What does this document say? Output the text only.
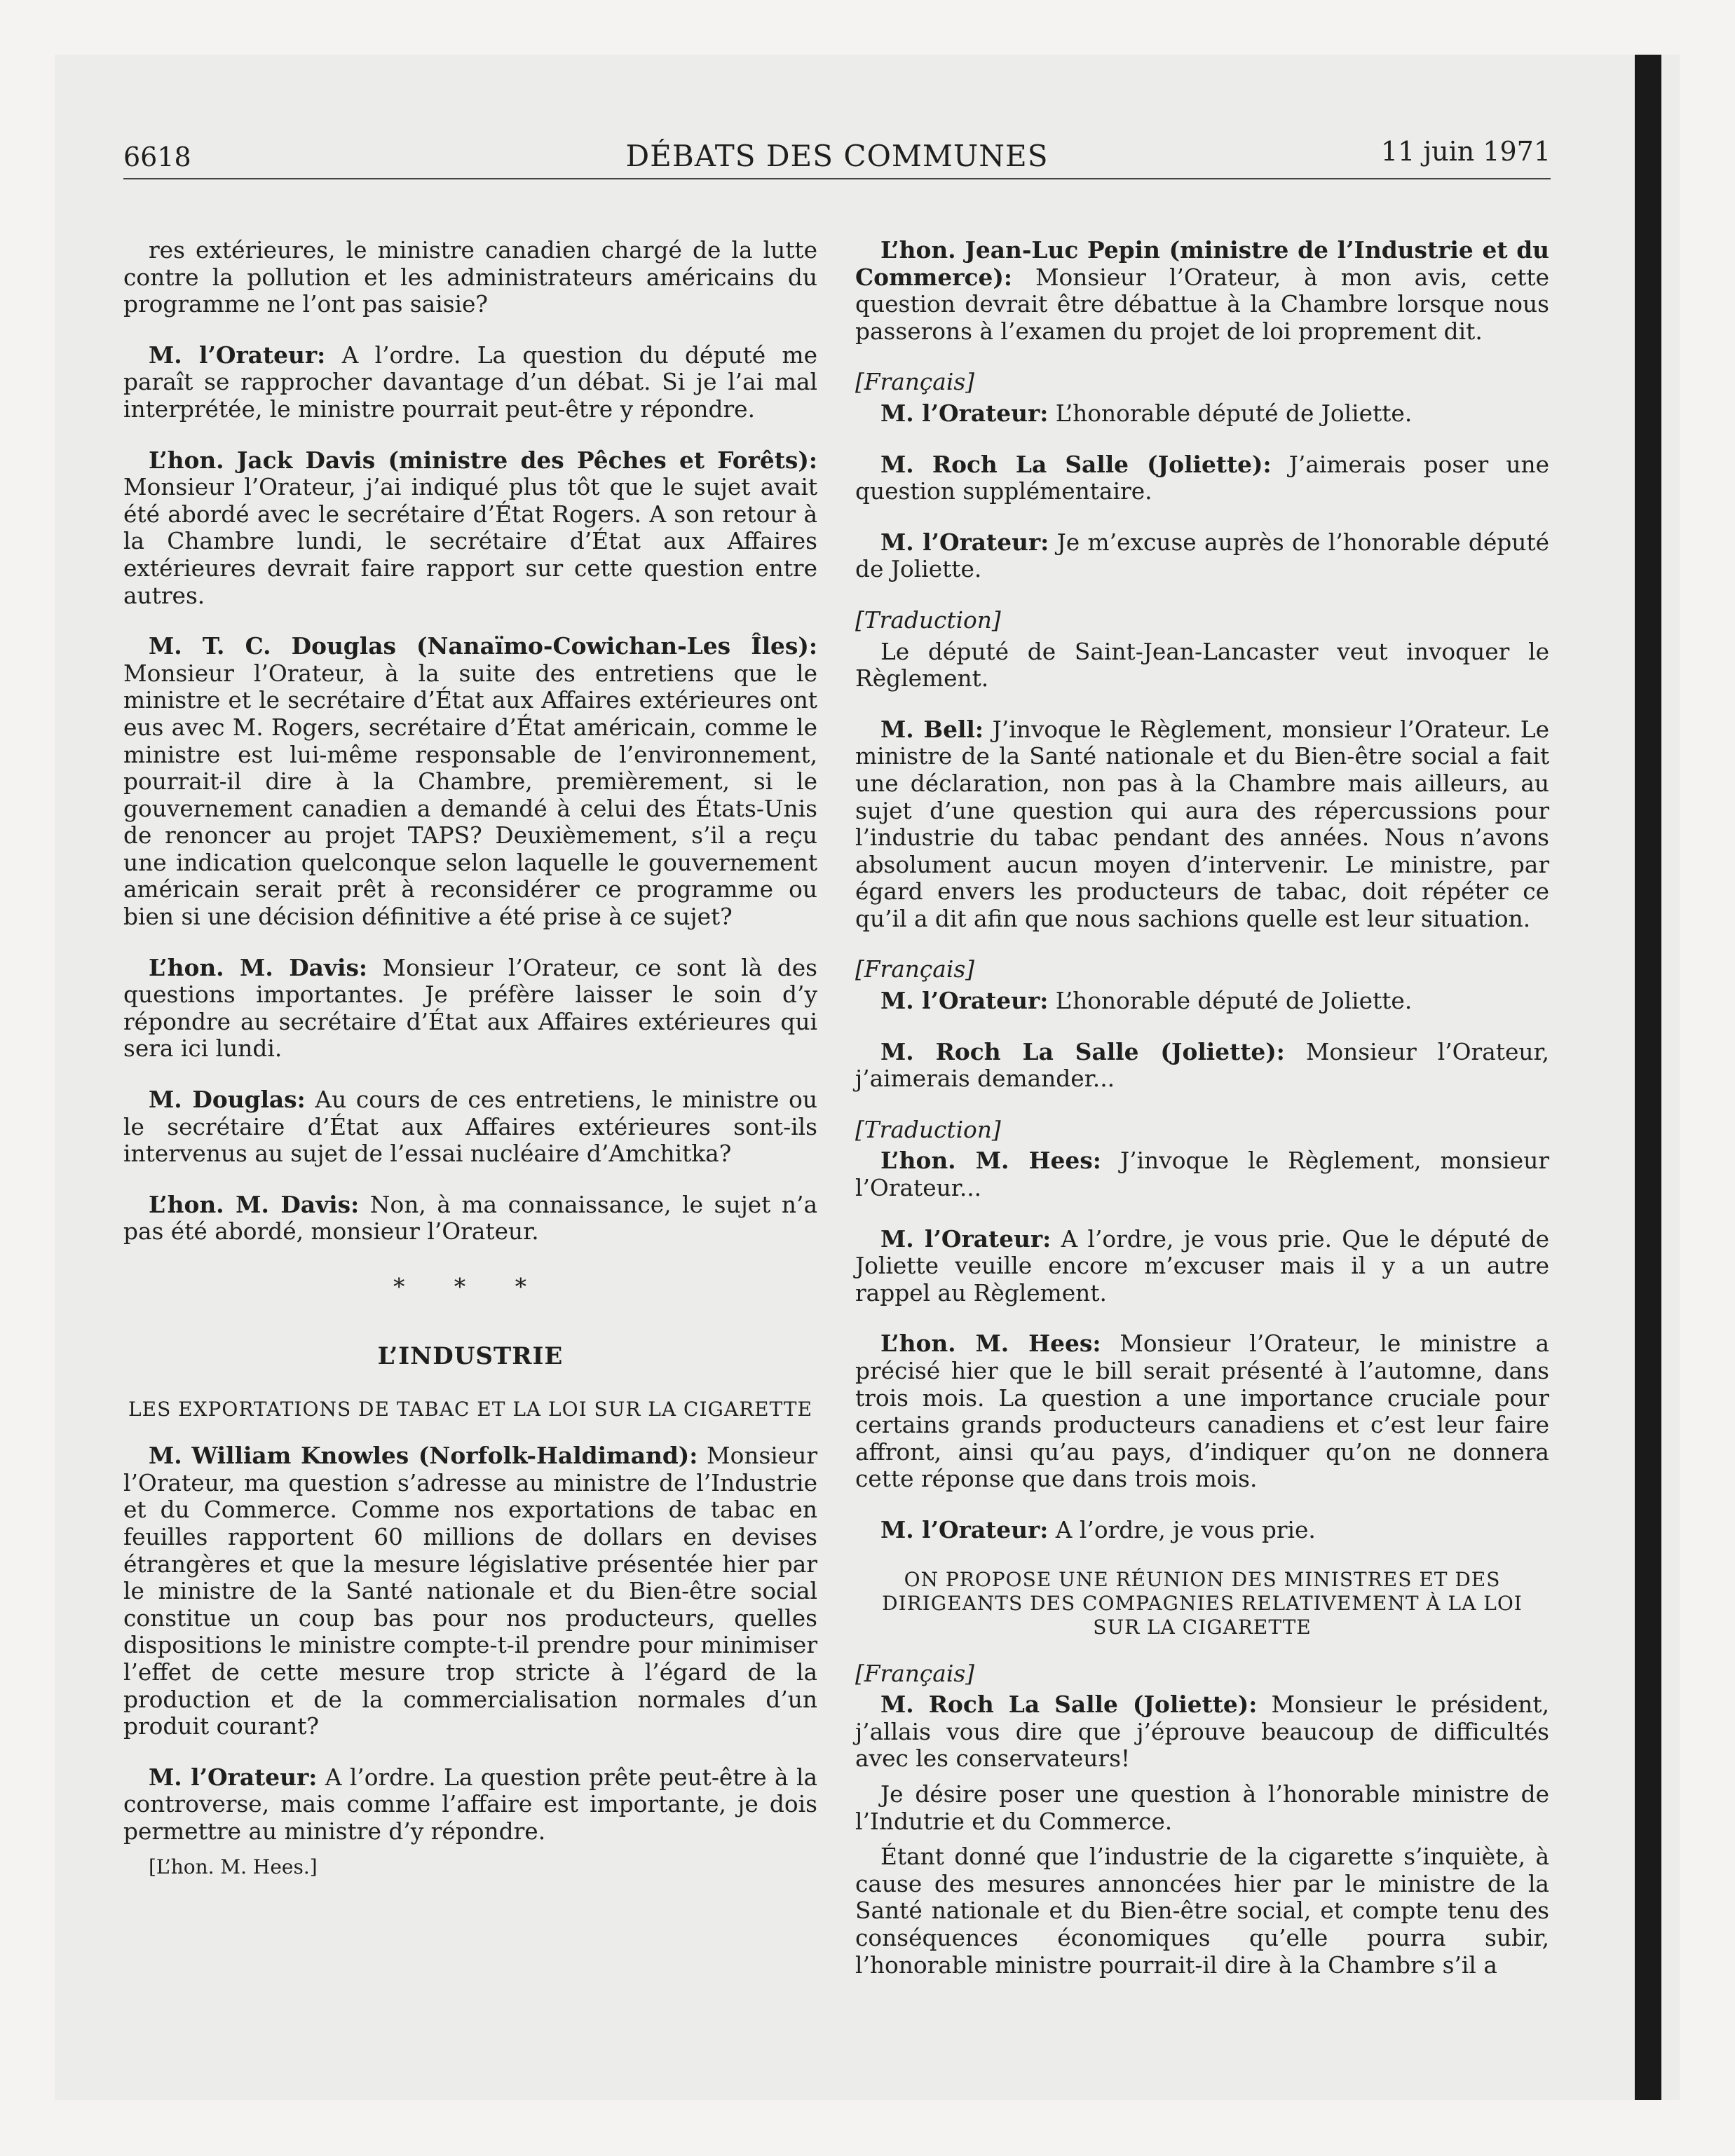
6618	DÉBATS DES COMMUNES	11 juin 1971

res extérieures, le ministre canadien chargé de la lutte contre la pollution et les administrateurs américains du programme ne l’ont pas saisie?

M. l’Orateur: A l’ordre. La question du député me paraît se rapprocher davantage d’un débat. Si je l’ai mal interprétée, le ministre pourrait peut-être y répondre.

L’hon. Jack Davis (ministre des Pêches et Forêts): Monsieur l’Orateur, j’ai indiqué plus tôt que le sujet avait été abordé avec le secrétaire d’État Rogers. A son retour à la Chambre lundi, le secrétaire d’État aux Affaires extérieures devrait faire rapport sur cette question entre autres.

M. T. C. Douglas (Nanaïmo-Cowichan-Les Îles): Monsieur l’Orateur, à la suite des entretiens que le ministre et le secrétaire d’État aux Affaires extérieures ont eus avec M. Rogers, secrétaire d’État américain, comme le ministre est lui-même responsable de l’environnement, pourrait-il dire à la Chambre, premièrement, si le gouvernement canadien a demandé à celui des États-Unis de renoncer au projet TAPS? Deuxièmement, s’il a reçu une indication quelconque selon laquelle le gouvernement américain serait prêt à reconsidérer ce programme ou bien si une décision définitive a été prise à ce sujet?

L’hon. M. Davis: Monsieur l’Orateur, ce sont là des questions importantes. Je préfère laisser le soin d’y répondre au secrétaire d’État aux Affaires extérieures qui sera ici lundi.

M. Douglas: Au cours de ces entretiens, le ministre ou le secrétaire d’État aux Affaires extérieures sont-ils intervenus au sujet de l’essai nucléaire d’Amchitka?

L’hon. M. Davis: Non, à ma connaissance, le sujet n’a pas été abordé, monsieur l’Orateur.

* * *
L’INDUSTRIE
LES EXPORTATIONS DE TABAC ET LA LOI SUR LA CIGARETTE

M. William Knowles (Norfolk-Haldimand): Monsieur l’Orateur, ma question s’adresse au ministre de l’Industrie et du Commerce. Comme nos exportations de tabac en feuilles rapportent 60 millions de dollars en devises étrangères et que la mesure législative présentée hier par le ministre de la Santé nationale et du Bien-être social constitue un coup bas pour nos producteurs, quelles dispositions le ministre compte-t-il prendre pour minimiser l’effet de cette mesure trop stricte à l’égard de la production et de la commercialisation normales d’un produit courant?

M. l’Orateur: A l’ordre. La question prête peut-être à la controverse, mais comme l’affaire est importante, je dois permettre au ministre d’y répondre.

[L’hon. M. Hees.]

L’hon. Jean-Luc Pepin (ministre de l’Industrie et du Commerce): Monsieur l’Orateur, à mon avis, cette question devrait être débattue à la Chambre lorsque nous passerons à l’examen du projet de loi proprement dit.

[Français]

M. l’Orateur: L’honorable député de Joliette.

M. Roch La Salle (Joliette): J’aimerais poser une question supplémentaire.

M. l’Orateur: Je m’excuse auprès de l’honorable député de Joliette.

[Traduction]

Le député de Saint-Jean-Lancaster veut invoquer le Règlement.

M. Bell: J’invoque le Règlement, monsieur l’Orateur. Le ministre de la Santé nationale et du Bien-être social a fait une déclaration, non pas à la Chambre mais ailleurs, au sujet d’une question qui aura des répercussions pour l’industrie du tabac pendant des années. Nous n’avons absolument aucun moyen d’intervenir. Le ministre, par égard envers les producteurs de tabac, doit répéter ce qu’il a dit afin que nous sachions quelle est leur situation.

[Français]

M. l’Orateur: L’honorable député de Joliette.

M. Roch La Salle (Joliette): Monsieur l’Orateur, j’aimerais demander...

[Traduction]

L’hon. M. Hees: J’invoque le Règlement, monsieur l’Orateur...

M. l’Orateur: A l’ordre, je vous prie. Que le député de Joliette veuille encore m’excuser mais il y a un autre rappel au Règlement.

L’hon. M. Hees: Monsieur l’Orateur, le ministre a précisé hier que le bill serait présenté à l’automne, dans trois mois. La question a une importance cruciale pour certains grands producteurs canadiens et c’est leur faire affront, ainsi qu’au pays, d’indiquer qu’on ne donnera cette réponse que dans trois mois.

M. l’Orateur: A l’ordre, je vous prie.

ON PROPOSE UNE RÉUNION DES MINISTRES ET DES DIRIGEANTS DES COMPAGNIES RELATIVEMENT À LA LOI SUR LA CIGARETTE
[Français]

M. Roch La Salle (Joliette): Monsieur le président, j’allais vous dire que j’éprouve beaucoup de difficultés avec les conservateurs!

Je désire poser une question à l’honorable ministre de l’Indutrie et du Commerce.

Étant donné que l’industrie de la cigarette s’inquiète, à cause des mesures annoncées hier par le ministre de la Santé nationale et du Bien-être social, et compte tenu des conséquences économiques qu’elle pourra subir, l’honorable ministre pourrait-il dire à la Chambre s’il a
